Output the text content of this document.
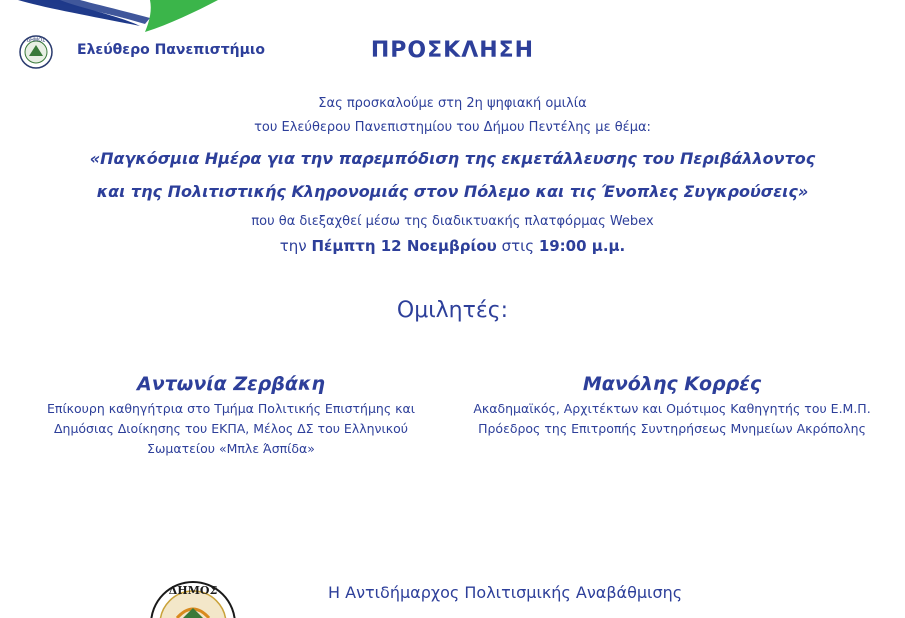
ΔΗΜΟΣ
Ελεύθερο Πανεπιστήμιο	ΠΡΟΣΚΛΗΣΗ
Σας προσκαλούμε στη 2η ψηφιακή ομιλία
του Ελεύθερου Πανεπιστημίου του Δήμου Πεντέλης με θέμα:
«Παγκόσμια Ημέρα για την παρεμπόδιση της εκμετάλλευσης του Περιβάλλοντος
και της Πολιτιστικής Κληρονομιάς στον Πόλεμο και τις Ένοπλες Συγκρούσεις»
που θα διεξαχθεί μέσω της διαδικτυακής πλατφόρμας Webex
την Πέμπτη 12 Νοεμβρίου στις 19:00 μ.μ.
Ομιλητές:
Αντωνία Ζερβάκη
Επίκουρη καθηγήτρια στο Τμήμα Πολιτικής Επιστήμης και
Δημόσιας Διοίκησης του ΕΚΠΑ, Μέλος ΔΣ του Ελληνικού
Σωματείου «Μπλε Άσπίδα»
Μανόλης Κορρές
Ακαδημαϊκός, Αρχιτέκτων και Ομότιμος Καθηγητής του Ε.Μ.Π.
Πρόεδρος της Επιτροπής Συντηρήσεως Μνημείων Ακρόπολης
ΔΗΜΟΣ	Η Αντιδήμαρχος Πολιτισμικής Αναβάθμισης
